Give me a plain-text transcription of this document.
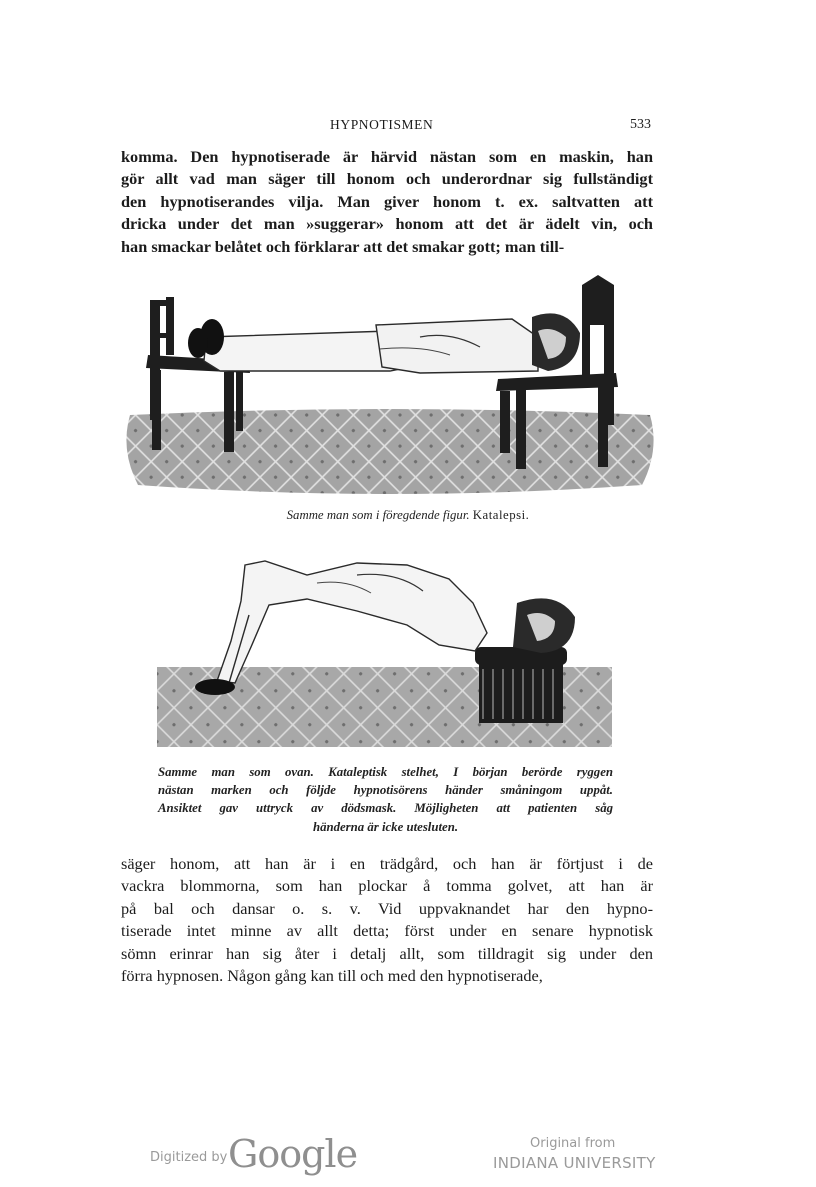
HYPNOTISMEN	533
komma. Den hypnotiserade är härvid nästan som en maskin, han
gör allt vad man säger till honom och underordnar sig fullständigt
den hypnotiserandes vilja. Man giver honom t. ex. saltvatten att
dricka under det man »suggerar» honom att det är ädelt vin, och
han smackar belåtet och förklarar att det smakar gott; man till-
Samme man som i föregdende figur. Katalepsi.
Samme man som ovan. Kataleptisk stelhet, I början berörde ryggen
nästan marken och följde hypnotisörens händer småningom uppåt.
Ansiktet gav uttryck av dödsmask. Möjligheten att patienten såg
händerna är icke utesluten.
säger honom, att han är i en trädgård, och han är förtjust i de
vackra blommorna, som han plockar å tomma golvet, att han är
på bal och dansar o. s. v. Vid uppvaknandet har den hypno-
tiserade intet minne av allt detta; först under en senare hypnotisk
sömn erinrar han sig åter i detalj allt, som tilldragit sig under den
förra hypnosen. Någon gång kan till och med den hypnotiserade,
Digitized by Google	Original from
INDIANA UNIVERSITY
